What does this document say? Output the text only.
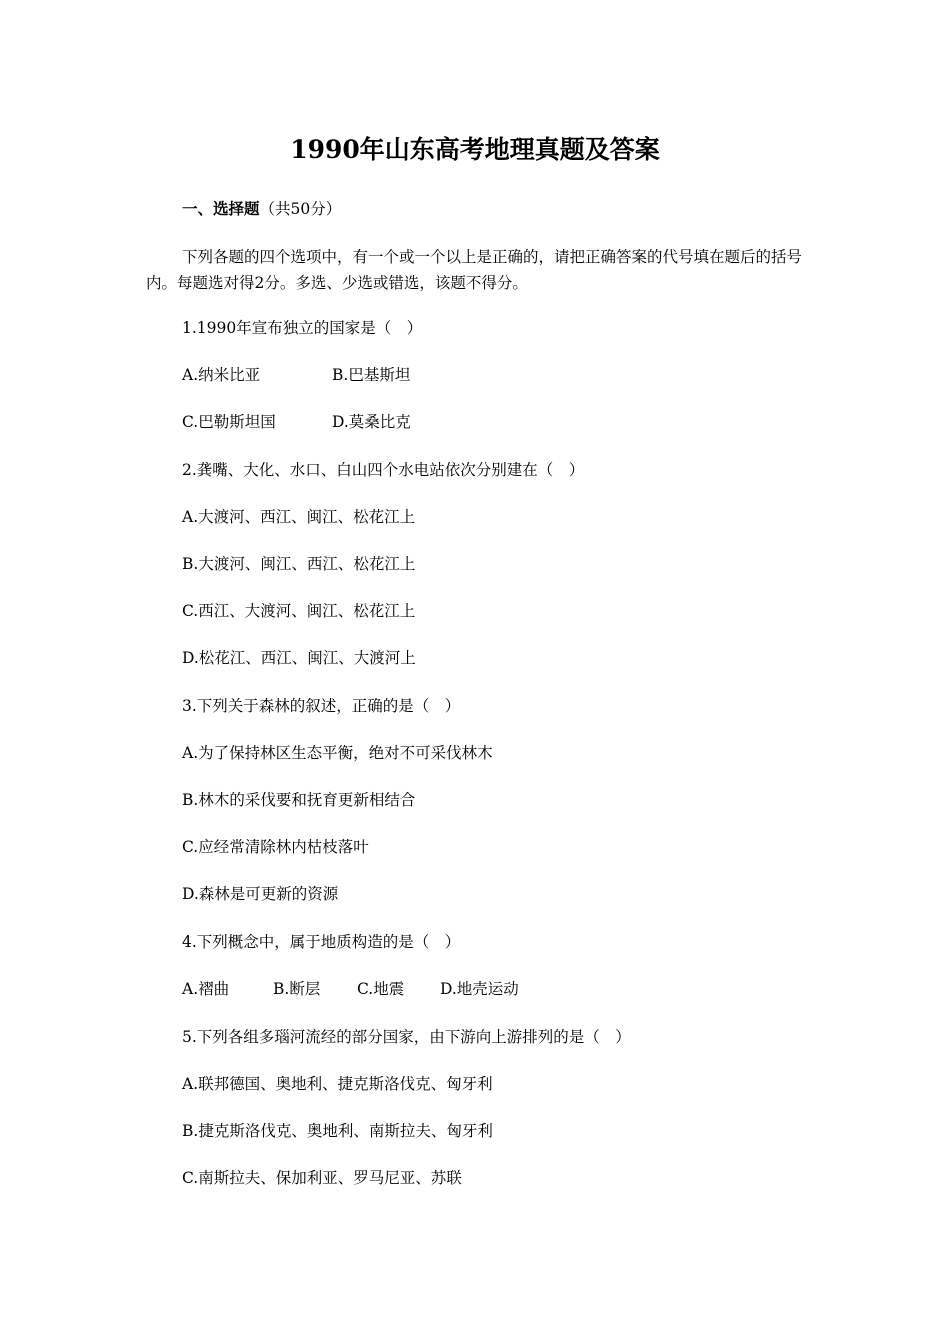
1990年山东高考地理真题及答案
一、选择题（共50分）
下列各题的四个选项中，有一个或一个以上是正确的，请把正确答案的代号填在题后的括号内。每题选对得2分。多选、少选或错选，该题不得分。
1.1990年宣布独立的国家是（　）
A.纳米比亚	B.巴基斯坦
C.巴勒斯坦国	D.莫桑比克
2.龚嘴、大化、水口、白山四个水电站依次分别建在（　）
A.大渡河、西江、闽江、松花江上
B.大渡河、闽江、西江、松花江上
C.西江、大渡河、闽江、松花江上
D.松花江、西江、闽江、大渡河上
3.下列关于森林的叙述，正确的是（　）
A.为了保持林区生态平衡，绝对不可采伐林木
B.林木的采伐要和抚育更新相结合
C.应经常清除林内枯枝落叶
D.森林是可更新的资源
4.下列概念中，属于地质构造的是（　）
A.褶曲	B.断层 C.地震 D.地壳运动
5.下列各组多瑙河流经的部分国家，由下游向上游排列的是（　）
A.联邦德国、奥地利、捷克斯洛伐克、匈牙利
B.捷克斯洛伐克、奥地利、南斯拉夫、匈牙利
C.南斯拉夫、保加利亚、罗马尼亚、苏联
